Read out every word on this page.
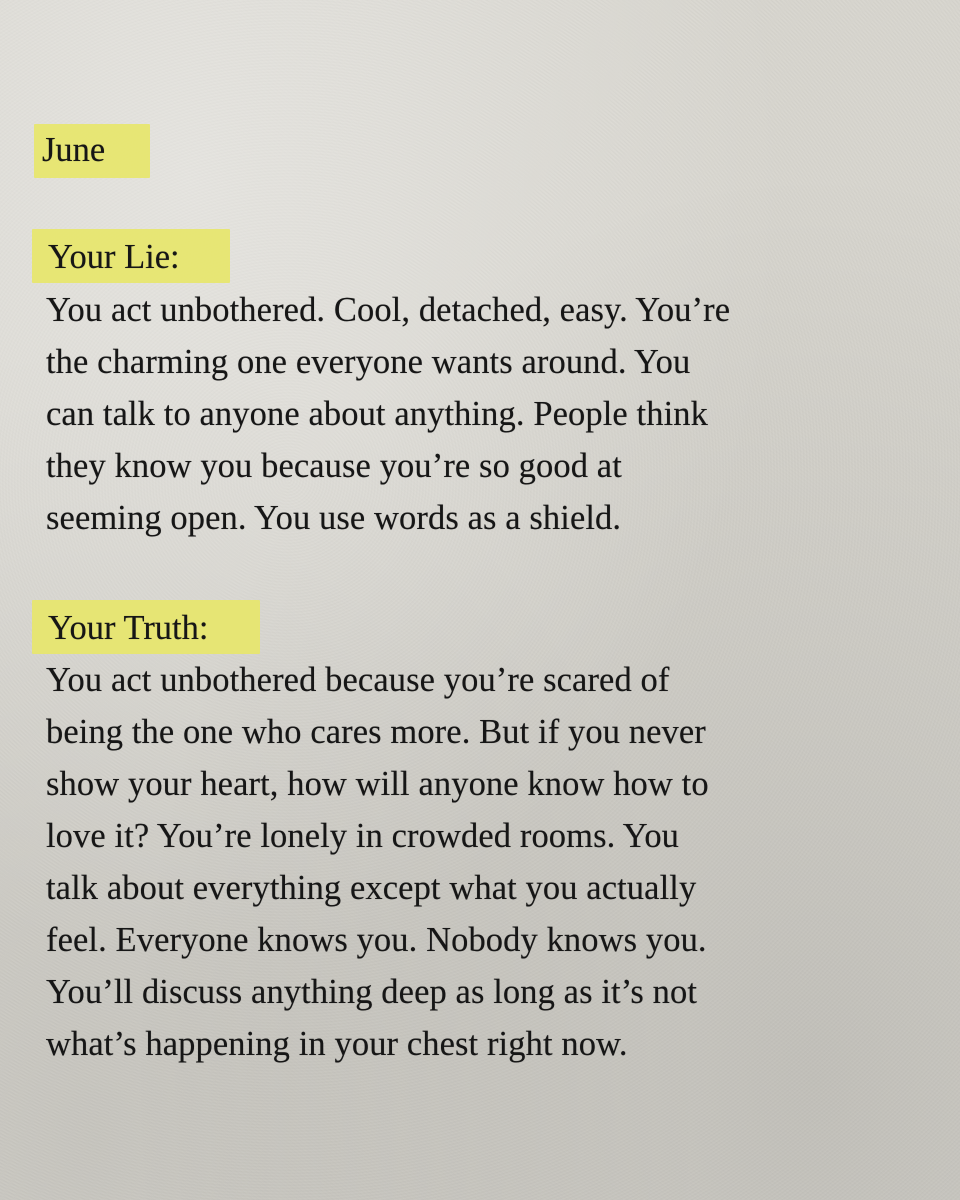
June

Your Lie:

You act unbothered. Cool, detached, easy. You’re

the charming one everyone wants around. You

can talk to anyone about anything. People think

they know you because you’re so good at

seeming open. You use words as a shield.

Your Truth:

You act unbothered because you’re scared of

being the one who cares more. But if you never

show your heart, how will anyone know how to

love it? You’re lonely in crowded rooms. You

talk about everything except what you actually

feel. Everyone knows you. Nobody knows you.

You’ll discuss anything deep as long as it’s not

what’s happening in your chest right now.
